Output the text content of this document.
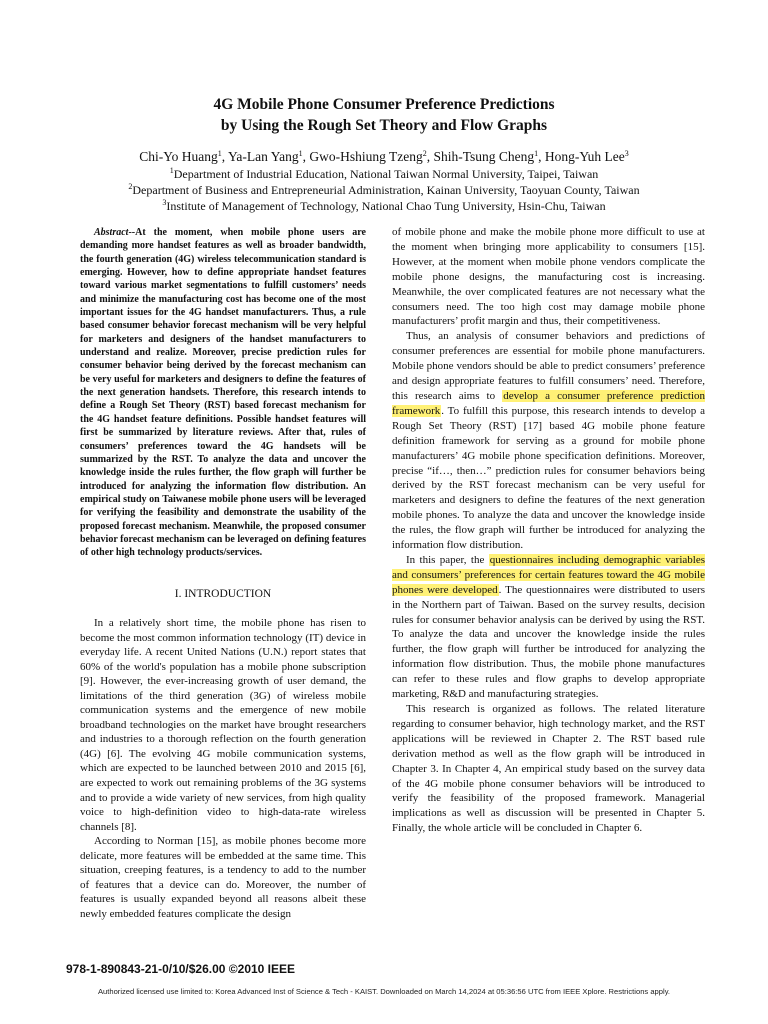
4G Mobile Phone Consumer Preference Predictions
by Using the Rough Set Theory and Flow Graphs
Chi-Yo Huang$^1$, Ya-Lan Yang$^1$, Gwo-Hshiung Tzeng$^2$, Shih-Tsung Cheng$^1$, Hong-Yuh Lee$^3$
$^1$Department of Industrial Education, National Taiwan Normal University, Taipei, Taiwan
$^2$Department of Business and Entrepreneurial Administration, Kainan University, Taoyuan County, Taiwan
$^3$Institute of Management of Technology, National Chao Tung University, Hsin-Chu, Taiwan

Abstract--At the moment, when mobile phone users are demanding more handset features as well as broader bandwidth, the fourth generation (4G) wireless telecommunication standard is emerging. However, how to define appropriate handset features toward various market segmentations to fulfill customers’ needs and minimize the manufacturing cost has become one of the most important issues for the 4G handset manufacturers. Thus, a rule based consumer behavior forecast mechanism will be very helpful for marketers and designers of the handset manufacturers to understand and realize. Moreover, precise prediction rules for consumer behavior being derived by the forecast mechanism can be very useful for marketers and designers to define the features of the next generation handsets. Therefore, this research intends to define a Rough Set Theory (RST) based forecast mechanism for the 4G handset feature definitions. Possible handset features will first be summarized by literature reviews. After that, rules of consumers’ preferences toward the 4G handsets will be summarized by the RST. To analyze the data and uncover the knowledge inside the rules further, the flow graph will further be introduced for analyzing the information flow distribution. An empirical study on Taiwanese mobile phone users will be leveraged for verifying the feasibility and demonstrate the usability of the proposed forecast mechanism. Meanwhile, the proposed consumer behavior forecast mechanism can be leveraged on defining features of other high technology products/services.

I. INTRODUCTION

In a relatively short time, the mobile phone has risen to become the most common information technology (IT) device in everyday life. A recent United Nations (U.N.) report states that 60% of the world's population has a mobile phone subscription [9]. However, the ever-increasing growth of user demand, the limitations of the third generation (3G) of wireless mobile communication systems and the emergence of new mobile broadband technologies on the market have brought researchers and industries to a thorough reflection on the fourth generation (4G) [6]. The evolving 4G mobile communication systems, which are expected to be launched between 2010 and 2015 [6], are expected to work out remaining problems of the 3G systems and to provide a wide variety of new services, from high quality voice to high-definition video to high-data-rate wireless channels [8].

According to Norman [15], as mobile phones become more delicate, more features will be embedded at the same time. This situation, creeping features, is a tendency to add to the number of features that a device can do. Moreover, the number of features is usually expanded beyond all reasons albeit these newly embedded features complicate the design

of mobile phone and make the mobile phone more difficult to use at the moment when bringing more applicability to consumers [15]. However, at the moment when mobile phone vendors complicate the mobile phone designs, the manufacturing cost is increasing. Meanwhile, the over complicated features are not necessary what the consumers need. The too high cost may damage mobile phone manufacturers’ profit margin and thus, their competitiveness.

Thus, an analysis of consumer behaviors and predictions of consumer preferences are essential for mobile phone manufacturers. Mobile phone vendors should be able to predict consumers’ preference and design appropriate features to fulfill consumers’ need. Therefore, this research aims to develop a consumer preference prediction framework. To fulfill this purpose, this research intends to develop a Rough Set Theory (RST) [17] based 4G mobile phone feature definition framework for serving as a ground for mobile phone manufacturers’ 4G mobile phone specification definitions. Moreover, precise “if…, then…” prediction rules for consumer behaviors being derived by the RST forecast mechanism can be very useful for marketers and designers to define the features of the next generation mobile phones. To analyze the data and uncover the knowledge inside the rules, the flow graph will further be introduced for analyzing the information flow distribution.

In this paper, the questionnaires including demographic variables and consumers’ preferences for certain features toward the 4G mobile phones were developed. The questionnaires were distributed to users in the Northern part of Taiwan. Based on the survey results, decision rules for consumer behavior analysis can be derived by using the RST. To analyze the data and uncover the knowledge inside the rules further, the flow graph will further be introduced for analyzing the information flow distribution. Thus, the mobile phone manufactures can refer to these rules and flow graphs to develop appropriate marketing, R&D and manufacturing strategies.

This research is organized as follows. The related literature regarding to consumer behavior, high technology market, and the RST applications will be reviewed in Chapter 2. The RST based rule derivation method as well as the flow graph will be introduced in Chapter 3. In Chapter 4, An empirical study based on the survey data of the 4G mobile phone consumer behaviors will be introduced to verify the feasibility of the proposed framework. Managerial implications as well as discussion will be presented in Chapter 5. Finally, the whole article will be concluded in Chapter 6.

978-1-890843-21-0/10/$26.00 ©2010 IEEE
Authorized licensed use limited to: Korea Advanced Inst of Science & Tech - KAIST. Downloaded on March 14,2024 at 05:36:56 UTC from IEEE Xplore. Restrictions apply.
